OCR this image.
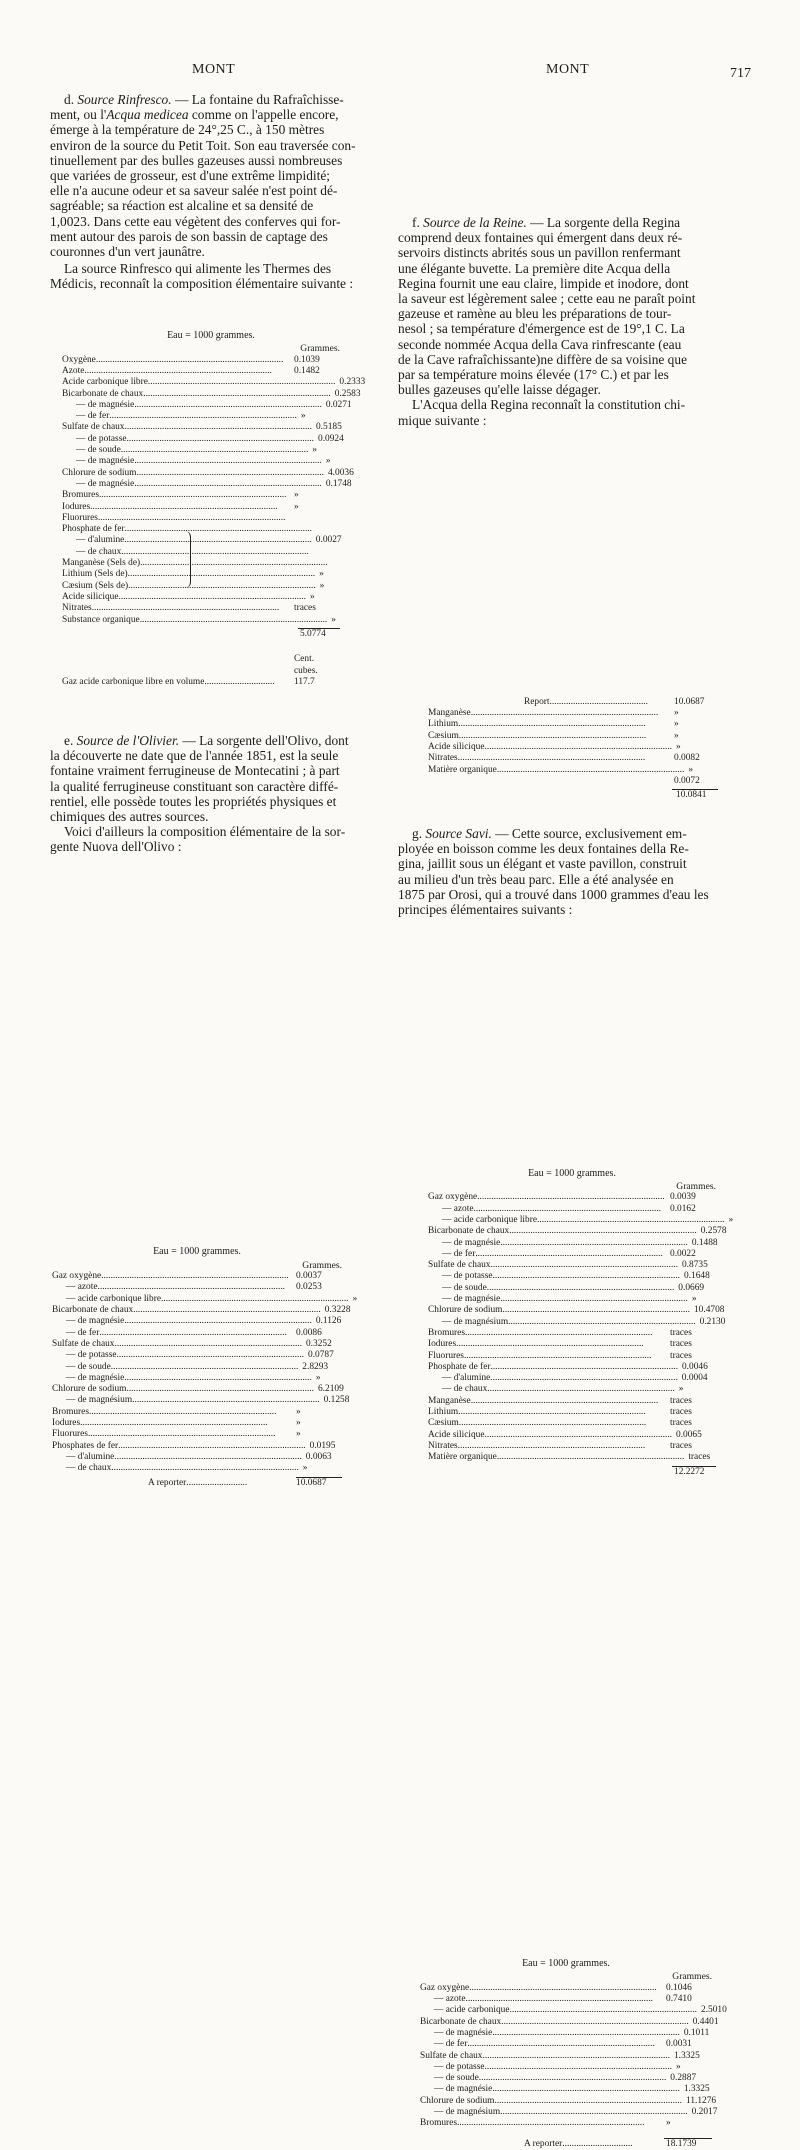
MONT

d. Source Rinfresco. — La fontaine du Rafraîchisse-
ment, ou l'Acqua medicea comme on l'appelle encore,
émerge à la température de 24°,25 C., à 150 mètres
environ de la source du Petit Toit. Son eau traversée con-
tinuellement par des bulles gazeuses aussi nombreuses
que variées de grosseur, est d'une extrême limpidité;
elle n'a aucune odeur et sa saveur salée n'est point dé-
sagréable; sa réaction est alcaline et sa densité de
1,0023. Dans cette eau végètent des conferves qui for-
ment autour des parois de son bassin de captage des
couronnes d'un vert jaunâtre.

La source Rinfresco qui alimente les Thermes des
Médicis, reconnaît la composition élémentaire suivante :

Eau = 1000 grammes.
Grammes.
Oxygène ................................................................................	0.1039
Azote ................................................................................	0.1482
Acide carbonique libre ................................................................................ 0.2333
Bicarbonate de chaux ................................................................................ 0.2583
— de magnésie ................................................................................ 0.0271
— de fer ................................................................................ »
Sulfate de chaux ................................................................................ 0.5185
— de potasse ................................................................................ 0.0924
— de soude ................................................................................ »
— de magnésie ................................................................................ »
Chlorure de sodium ................................................................................ 4.0036
— de magnésie ................................................................................ 0.1748
Bromures ................................................................................ »
Iodures ................................................................................	»
Fluorures ................................................................................
Phosphate de fer ................................................................................
— d'alumine ................................................................................ 0.0027
— de chaux ................................................................................
Manganèse (Sels de) ................................................................................
Lithium (Sels de) ................................................................................ »
Cæsium (Sels de) ................................................................................ »
Acide silicique ................................................................................ »
Nitrates ................................................................................	traces
Substance organique ................................................................................ »
5.0774
Cent. cubes.
Gaz acide carbonique libre en volume ..............................	117.7

e. Source de l'Olivier. — La sorgente dell'Olivo, dont
la découverte ne date que de l'année 1851, est la seule
fontaine vraiment ferrugineuse de Montecatini ; à part
la qualité ferrugineuse constituant son caractère diffé-
rentiel, elle possède toutes les propriétés physiques et
chimiques des autres sources.

Voici d'ailleurs la composition élémentaire de la sor-
gente Nuova dell'Olivo :

Eau = 1000 grammes.
Grammes.
Gaz oxygène ................................................................................ 0.0037
— azote ................................................................................	0.0253
— acide carbonique libre ................................................................................ »
Bicarbonate de chaux ................................................................................ 0.3228
— de magnésie ................................................................................ 0.1126
— de fer ................................................................................ 0.0086
Sulfate de chaux ................................................................................ 0.3252
— de potasse ................................................................................ 0.0787
— de soude ................................................................................ 2.8293
— de magnésie ................................................................................ »
Chlorure de sodium ................................................................................ 6.2109
— de magnésium ................................................................................ 0.1258
Bromures ................................................................................	»
Iodures ................................................................................	»
Fluorures ................................................................................	»
Phosphates de fer ................................................................................ 0.0195
— d'alumine ................................................................................ 0.0063
— de chaux ................................................................................ »
A reporter ..........................	10.0687
MONT	717
Report ..........................................	10.0687
Manganèse ................................................................................	»
Lithium ................................................................................	»
Cæsium ................................................................................	»
Acide silicique ................................................................................ »
Nitrates ................................................................................	0.0082
Matière organique ................................................................................ »
0.0072
10.0841

f. Source de la Reine. — La sorgente della Regina
comprend deux fontaines qui émergent dans deux ré-
servoirs distincts abrités sous un pavillon renfermant
une élégante buvette. La première dite Acqua della
Regina fournit une eau claire, limpide et inodore, dont
la saveur est légèrement salee ; cette eau ne paraît point
gazeuse et ramène au bleu les préparations de tour-
nesol ; sa température d'émergence est de 19°,1 C. La
seconde nommée Acqua della Cava rinfrescante (eau
de la Cave rafraîchissante)ne diffère de sa voisine que
par sa température moins élevée (17° C.) et par les
bulles gazeuses qu'elle laisse dégager.

L'Acqua della Regina reconnaît la constitution chi-
mique suivante :

Eau = 1000 grammes.
Grammes.
Gaz oxygène ................................................................................ 0.0039
— azote ................................................................................ 0.0162
— acide carbonique libre ................................................................................ »
Bicarbonate de chaux ................................................................................ 0.2578
— de magnésie ................................................................................ 0.1488
— de fer ................................................................................ 0.0022
Sulfate de chaux ................................................................................ 0.8735
— de potasse ................................................................................ 0.1648
— de soude ................................................................................ 0.0669
— de magnésie ................................................................................ »
Chlorure de sodium ................................................................................ 10.4708
— de magnésium ................................................................................ 0.2130
Bromures ................................................................................	traces
Iodures ................................................................................	traces
Fluorures ................................................................................	traces
Phosphate de fer ................................................................................ 0.0046
— d'alumine ................................................................................ 0.0004
— de chaux ................................................................................ »
Manganèse ................................................................................	traces
Lithium ................................................................................	traces
Cæsium ................................................................................	traces
Acide silicique ................................................................................ 0.0065
Nitrates ................................................................................	traces
Matière organique ................................................................................ traces
12.2272

g. Source Savi. — Cette source, exclusivement em-
ployée en boisson comme les deux fontaines della Re-
gina, jaillit sous un élégant et vaste pavillon, construit
au milieu d'un très beau parc. Elle a été analysée en
1875 par Orosi, qui a trouvé dans 1000 grammes d'eau les
principes élémentaires suivants :

Eau = 1000 grammes.
Grammes.
Gaz oxygène ................................................................................ 0.1046
— azote ................................................................................	0.7410
— acide carbonique ................................................................................ 2.5010
Bicarbonate de chaux ................................................................................ 0.4401
— de magnésie ................................................................................ 0.1011
— de fer ................................................................................	0.0031
Sulfate de chaux ................................................................................ 1.3325
— de potasse ................................................................................ »
— de soude ................................................................................ 0.2887
— de magnésie ................................................................................ 1.3325
Chlorure de sodium ................................................................................ 11.1276
— de magnésium ................................................................................ 0.2017
Bromures ................................................................................	»
A reporter ..............................	18.1739
